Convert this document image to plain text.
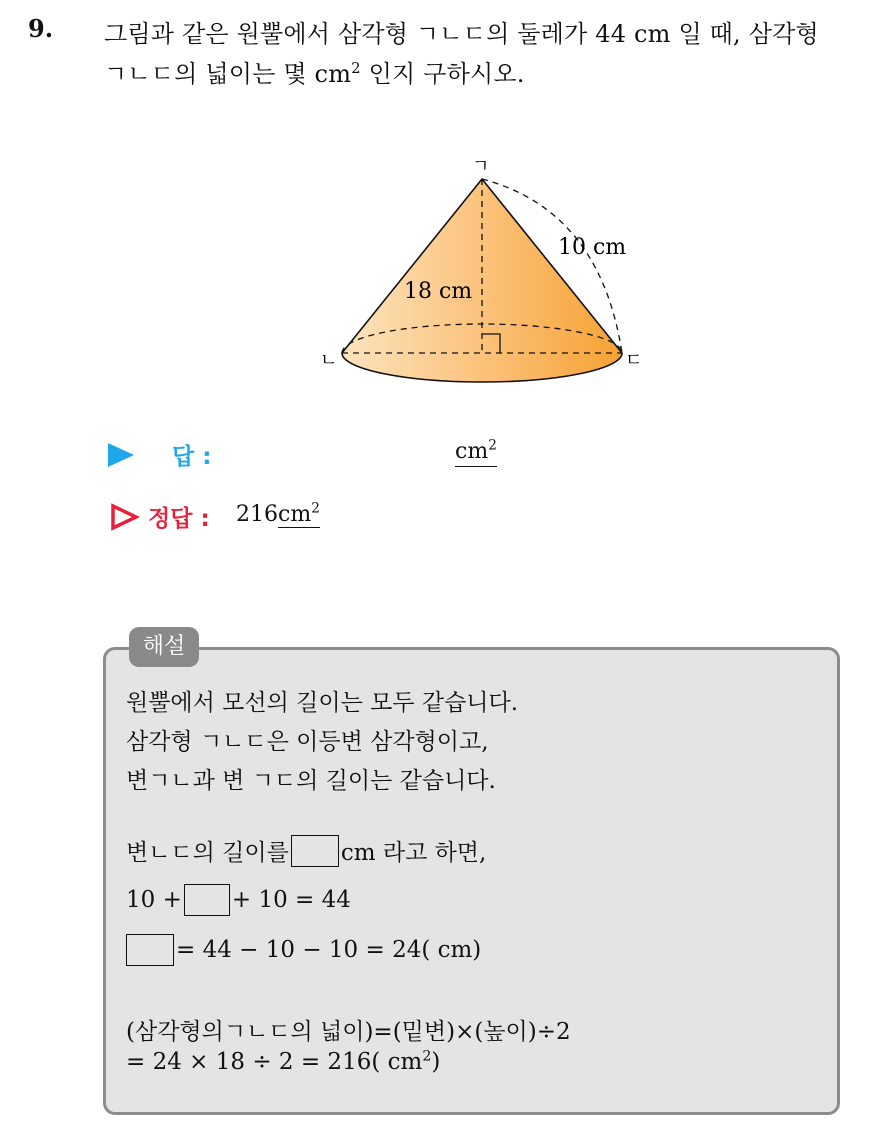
9. 그림과 같은 원뿔에서 삼각형 ㄱㄴㄷ의 둘레가 44 cm 일 때, 삼각형
ㄱㄴㄷ의 넓이는 몇 $cm^2$ 인지 구하시오.
ㄱ
ㄴ	ㄷ
18 cm
10 cm
답 :	$cm^2$
정답 : $216cm^2$
해설
원뿔에서 모선의 길이는 모두 같습니다.
삼각형 ㄱㄴㄷ은 이등변 삼각형이고,
변ㄱㄴ과 변 ㄱㄷ의 길이는 같습니다.
변ㄴㄷ의 길이를 cm 라고 하면,
10 + + 10 = 44
= 44 − 10 − 10 = 24( cm)
(삼각형의ㄱㄴㄷ의 넓이)=(밑변)×(높이)÷2
= 24 × 18 ÷ 2 = 216( $cm^2$)
